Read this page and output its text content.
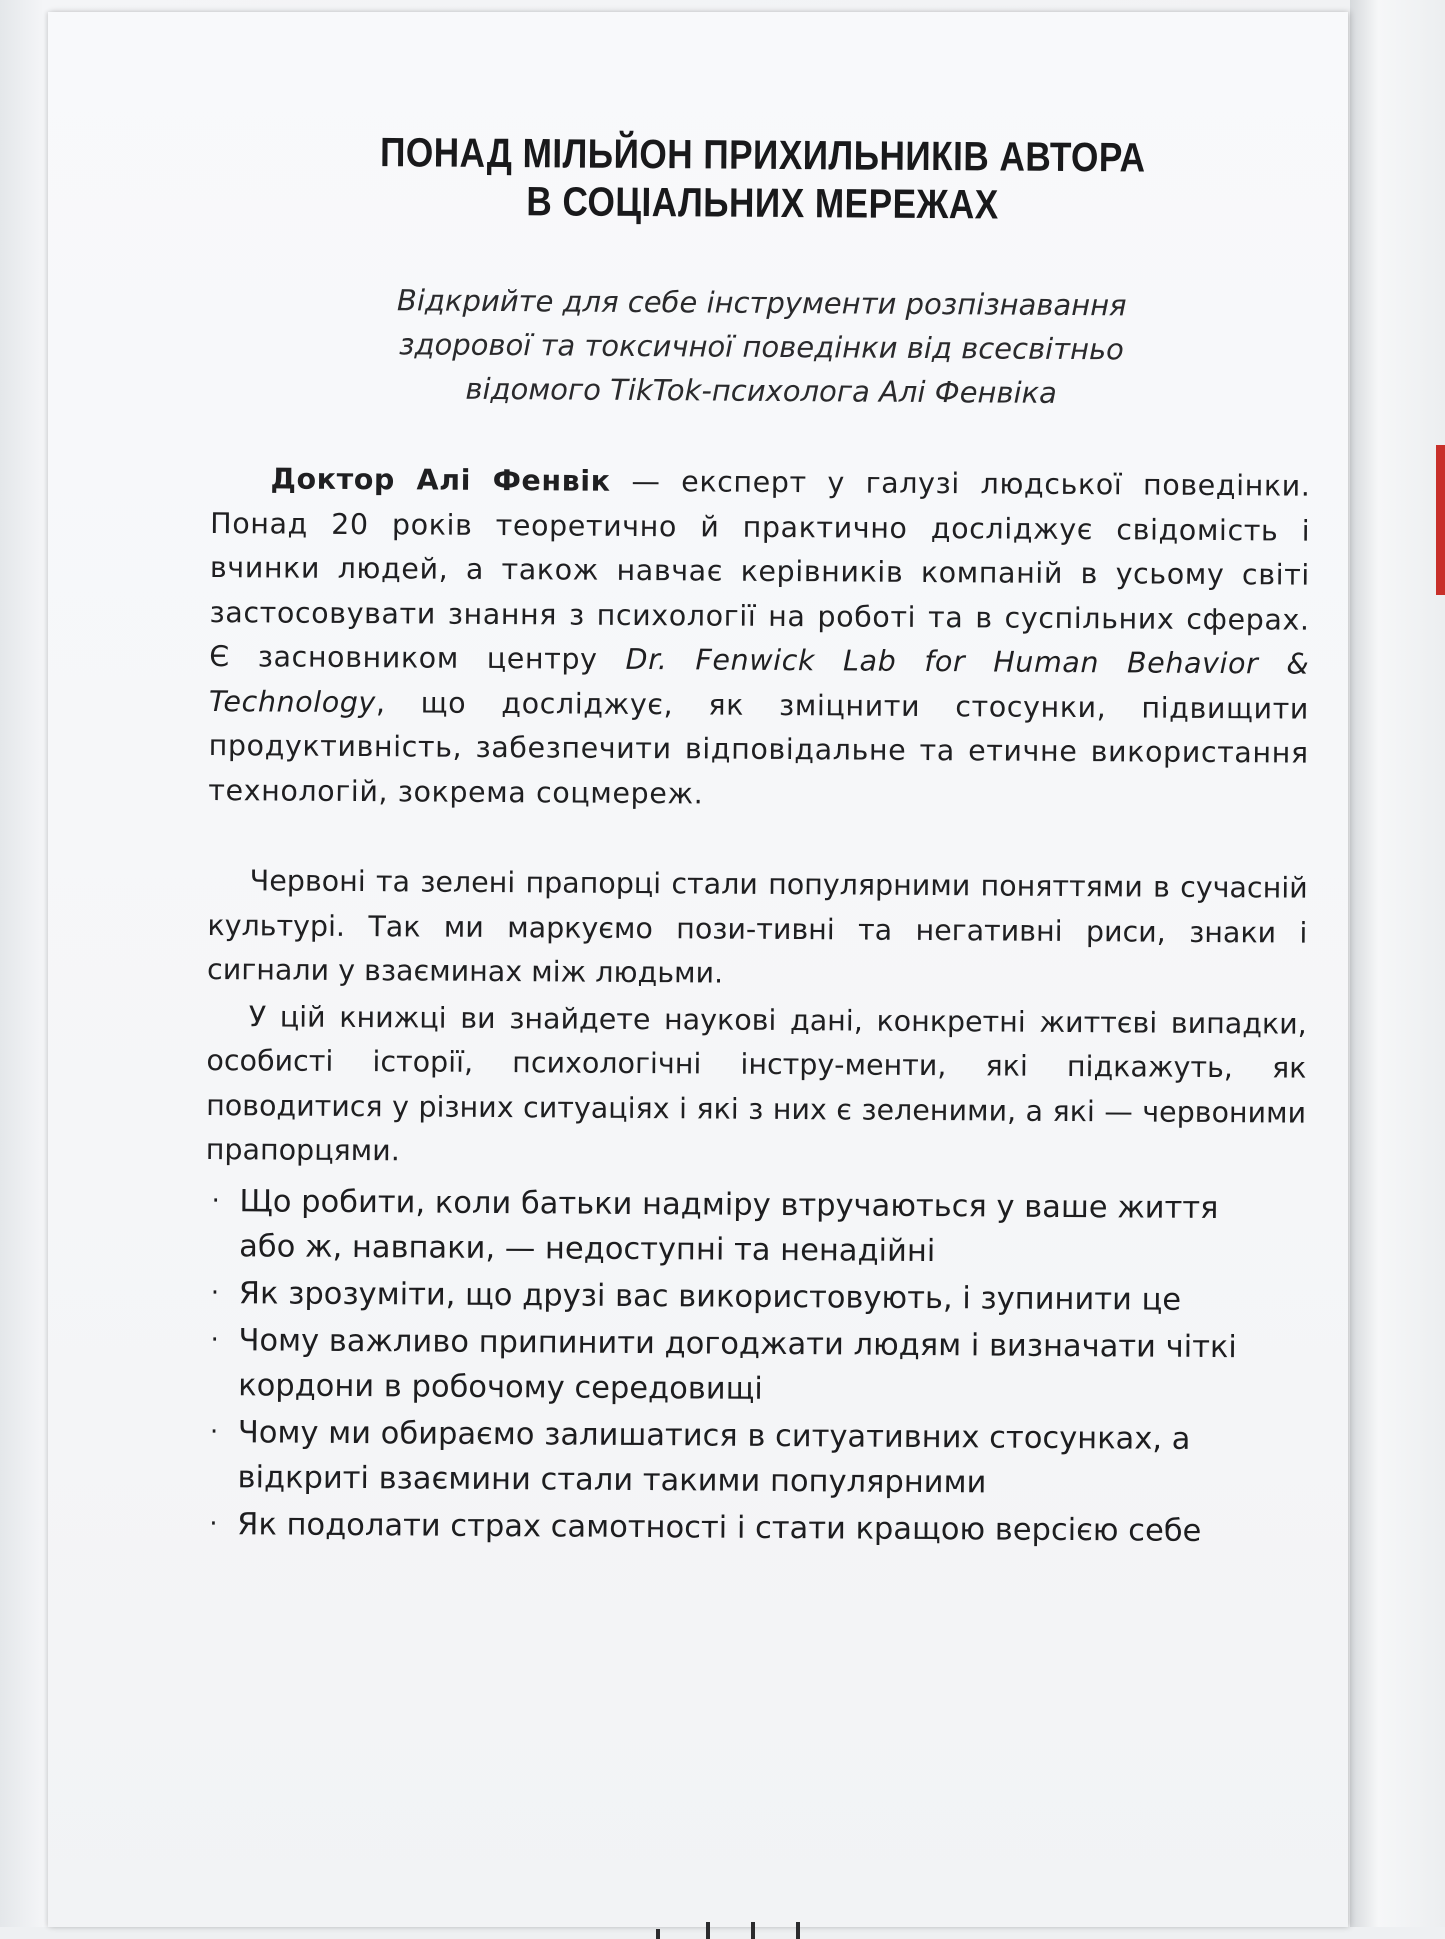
ПОНАД МІЛЬЙОН ПРИХИЛЬНИКІВ АВТОРА
В СОЦІАЛЬНИХ МЕРЕЖАХ
Відкрийте для себе інструменти розпізнавання
здорової та токсичної поведінки від всесвітньо
відомого TikTok-психолога Алі Фенвіка
Доктор Алі Фенвік — експерт у галузі людської поведінки. Понад 20 років теоретично й практично досліджує свідомість і вчинки людей, а також навчає керівників компаній в усьому світі застосовувати знання з психології на роботі та в суспільних сферах. Є засновником центру Dr. Fenwick Lab for Human Behavior & Technology, що досліджує, як зміцнити стосунки, підвищити продуктивність, забезпечити відповідальне та етичне використання технологій, зокрема соцмереж.
Червоні та зелені прапорці стали популярними поняттями в сучасній культурі. Так ми маркуємо пози-тивні та негативні риси, знаки і сигнали у взаєминах між людьми.
У цій книжці ви знайдете наукові дані, конкретні життєві випадки, особисті історії, психологічні інстру-менти, які підкажуть, як поводитися у різних ситуаціях і які з них є зеленими, а які — червоними прапорцями.
· Що робити, коли батьки надміру втручаються у ваше життя або ж, навпаки, — недоступні та ненадійні
· Як зрозуміти, що друзі вас використовують, і зупинити це
· Чому важливо припинити догоджати людям і визначати чіткі кордони в робочому середовищі
· Чому ми обираємо залишатися в ситуативних стосунках, а відкриті взаємини стали такими популярними
· Як подолати страх самотності і стати кращою версією себе
